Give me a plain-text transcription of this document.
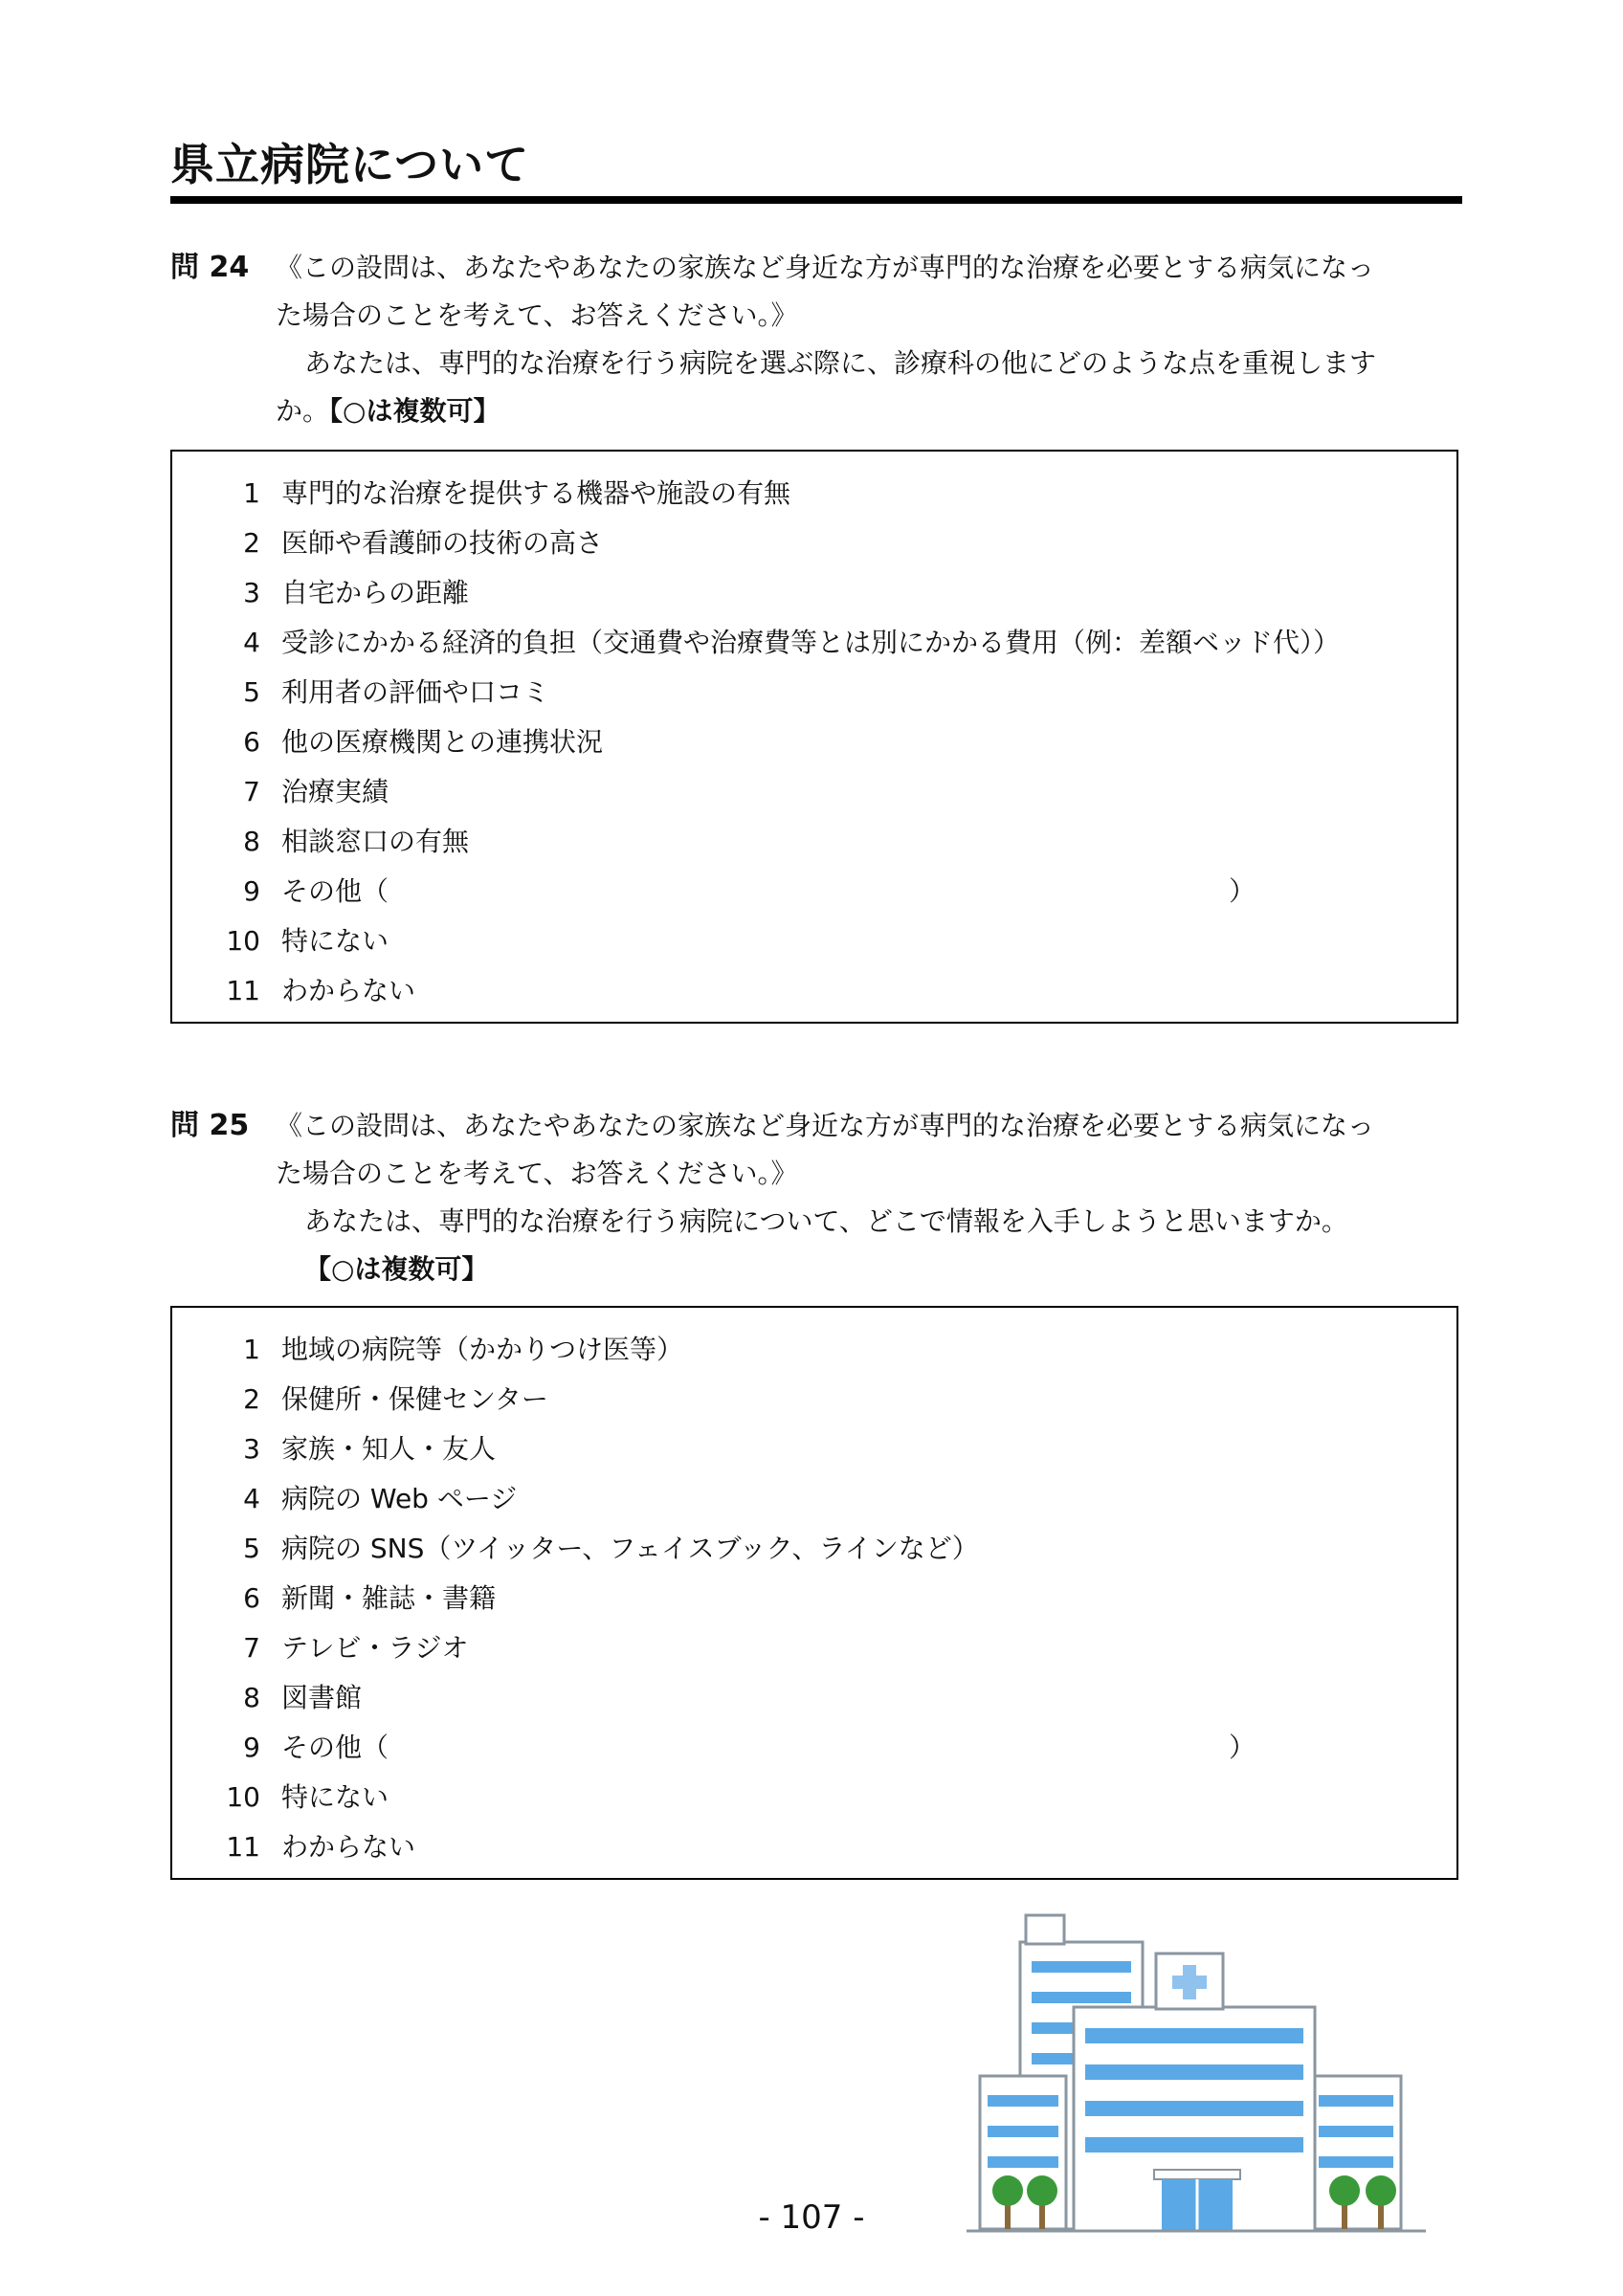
県立病院について
問 24 《この設問は、あなたやあなたの家族など身近な方が専門的な治療を必要とする病気になっ
た場合のことを考えて、お答えください。》
あなたは、専門的な治療を行う病院を選ぶ際に、診療科の他にどのような点を重視します
か。【○は複数可】
1 専門的な治療を提供する機器や施設の有無
2 医師や看護師の技術の高さ
3 自宅からの距離
4 受診にかかる経済的負担（交通費や治療費等とは別にかかる費用（例：差額ベッド代））
5 利用者の評価や口コミ
6 他の医療機関との連携状況
7 治療実績
8 相談窓口の有無
9 その他（	）
10 特にない
11 わからない
問 25 《この設問は、あなたやあなたの家族など身近な方が専門的な治療を必要とする病気になっ
た場合のことを考えて、お答えください。》
あなたは、専門的な治療を行う病院について、どこで情報を入手しようと思いますか。
【○は複数可】
1 地域の病院等（かかりつけ医等）
2 保健所・保健センター
3 家族・知人・友人
4 病院の Web ページ
5 病院の SNS（ツイッター、フェイスブック、ラインなど）
6 新聞・雑誌・書籍
7 テレビ・ラジオ
8 図書館
9 その他（	）
10 特にない
11 わからない
- 107 -
